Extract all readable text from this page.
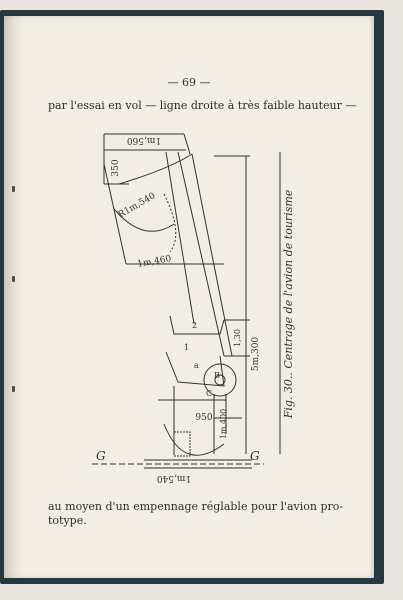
— 69 —
par l'essai en vol — ligne droite à très faible hauteur —
1m,560
350
R1m,540
1m,460
5m,300
1,30
950 1m,400
1m,540
G	G
a
B
C
2
1	Fig. 30.. Centrage de l'avion de tourisme
au moyen d'un empennage réglable pour l'avion pro-
totype.
